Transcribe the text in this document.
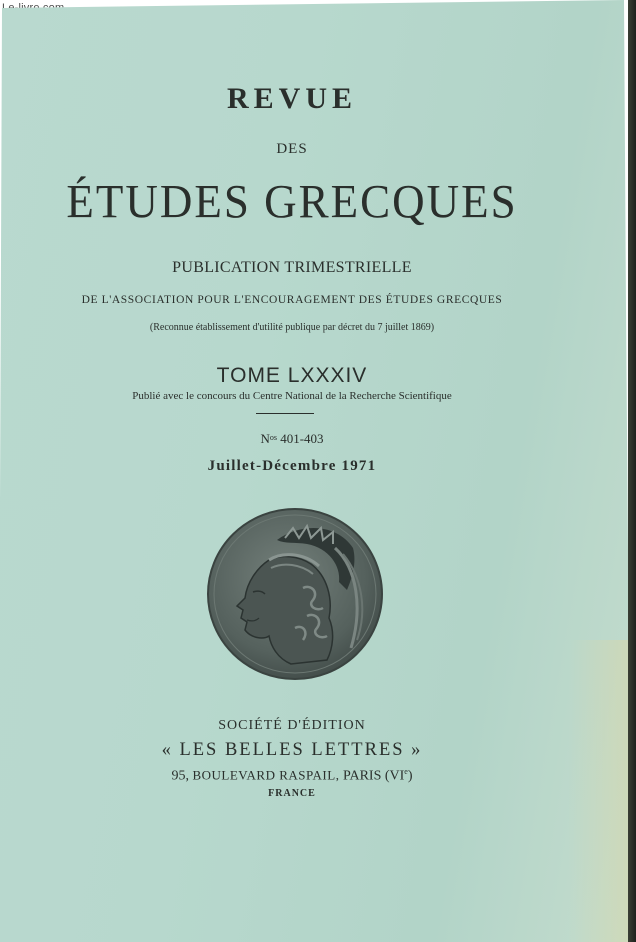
REVUE
DES
ÉTUDES GRECQUES
PUBLICATION TRIMESTRIELLE
DE L'ASSOCIATION POUR L'ENCOURAGEMENT DES ÉTUDES GRECQUES
(Reconnue établissement d'utilité publique par décret du 7 juillet 1869)
TOME LXXXIV
Publié avec le concours du Centre National de la Recherche Scientifique
$N^{os}$ 401-403
Juillet-Décembre 1971
SOCIÉTÉ D'ÉDITION
« LES BELLES LETTRES »
95, BOULEVARD RASPAIL, PARIS (VIe)
FRANCE
